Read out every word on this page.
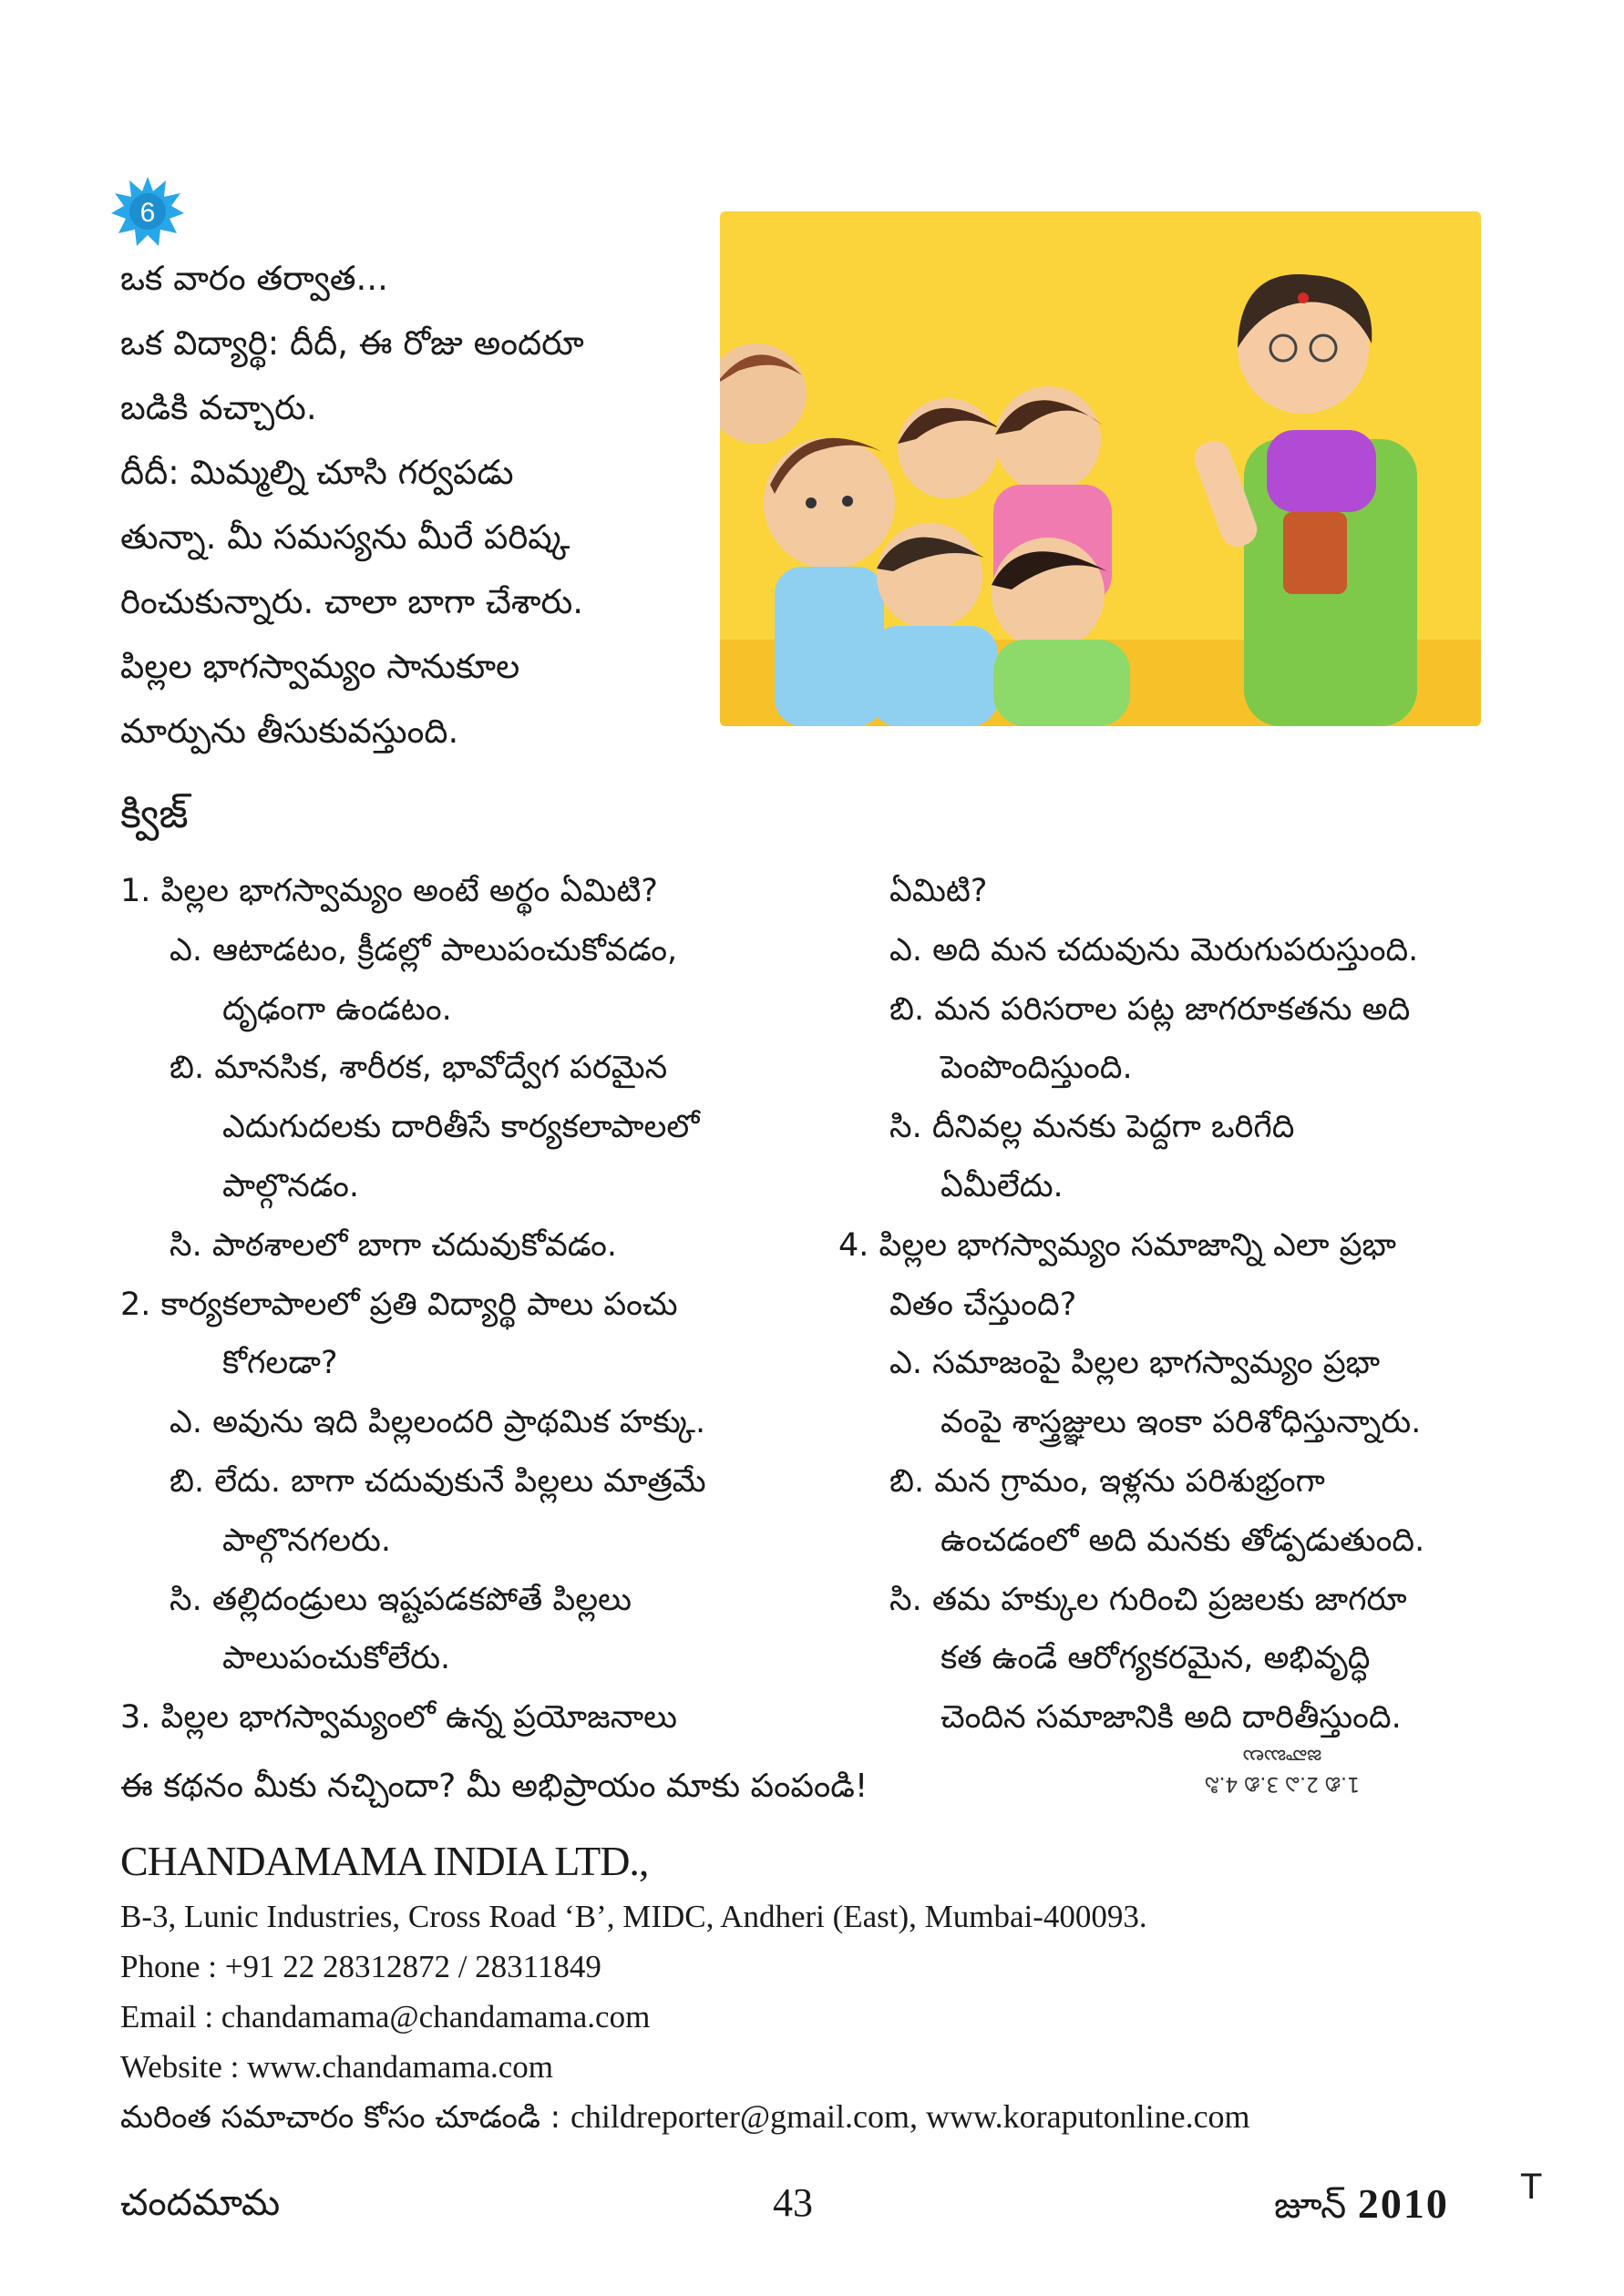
6
ఒక వారం తర్వాత...
ఒక విద్యార్థి: దీదీ, ఈ రోజు అందరూ
బడికి వచ్చారు.
దీదీ: మిమ్మల్ని చూసి గర్వపడు
తున్నా. మీ సమస్యను మీరే పరిష్క
రించుకున్నారు. చాలా బాగా చేశారు.
పిల్లల భాగస్వామ్యం సానుకూల
మార్పును తీసుకువస్తుంది.
క్విజ్
1. పిల్లల భాగస్వామ్యం అంటే అర్థం ఏమిటి?
ఎ. ఆటాడటం, క్రీడల్లో పాలుపంచుకోవడం,
దృఢంగా ఉండటం.
బి. మానసిక, శారీరక, భావోద్వేగ పరమైన
ఎదుగుదలకు దారితీసే కార్యకలాపాలలో
పాల్గొనడం.
సి. పాఠశాలలో బాగా చదువుకోవడం.
2. కార్యకలాపాలలో ప్రతి విద్యార్థి పాలు పంచు
కోగలడా?
ఎ. అవును ఇది పిల్లలందరి ప్రాథమిక హక్కు.
బి. లేదు. బాగా చదువుకునే పిల్లలు మాత్రమే
పాల్గొనగలరు.
సి. తల్లిదండ్రులు ఇష్టపడకపోతే పిల్లలు
పాలుపంచుకోలేరు.
3. పిల్లల భాగస్వామ్యంలో ఉన్న ప్రయోజనాలు
ఏమిటి?
ఎ. అది మన చదువును మెరుగుపరుస్తుంది.
బి. మన పరిసరాల పట్ల జాగరూకతను అది
పెంపొందిస్తుంది.
సి. దీనివల్ల మనకు పెద్దగా ఒరిగేది
ఏమీలేదు.
4. పిల్లల భాగస్వామ్యం సమాజాన్ని ఎలా ప్రభా
వితం చేస్తుంది?
ఎ. సమాజంపై పిల్లల భాగస్వామ్యం ప్రభా
వంపై శాస్త్రజ్ఞులు ఇంకా పరిశోధిస్తున్నారు.
బి. మన గ్రామం, ఇళ్లను పరిశుభ్రంగా
ఉంచడంలో అది మనకు తోడ్పడుతుంది.
సి. తమ హక్కుల గురించి ప్రజలకు జాగరూ
కత ఉండే ఆరోగ్యకరమైన, అభివృద్ధి
చెందిన సమాజానికి అది దారితీస్తుంది.
1.బి 2.ఎ 3.బి 4.సి
జవాబులు
ఈ కథనం మీకు నచ్చిందా? మీ అభిప్రాయం మాకు పంపండి!
CHANDAMAMA INDIA LTD.,
B-3, Lunic Industries, Cross Road ‘B’, MIDC, Andheri (East), Mumbai-400093.
Phone : +91 22 28312872 / 28311849
Email : chandamama@chandamama.com
Website : www.chandamama.com
మరింత సమాచారం కోసం చూడండి : childreporter@gmail.com, www.koraputonline.com
చందమామ	43	జూన్ 2010 T
